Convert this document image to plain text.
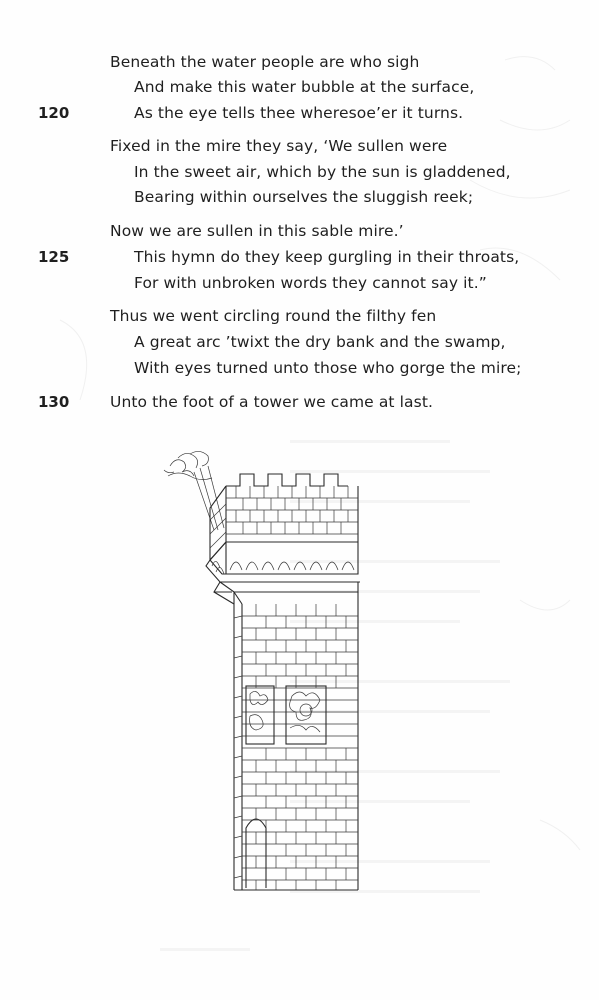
Beneath the water people are who sigh
And make this water bubble at the surface,
As the eye tells thee wheresoe’er it turns.
120
Fixed in the mire they say, ‘We sullen were
In the sweet air, which by the sun is gladdened,
Bearing within ourselves the sluggish reek;
Now we are sullen in this sable mire.’
This hymn do they keep gurgling in their throats,
125
For with unbroken words they cannot say it.”
Thus we went circling round the filthy fen
A great arc ’twixt the dry bank and the swamp,
With eyes turned unto those who gorge the mire;
Unto the foot of a tower we came at last.
130
